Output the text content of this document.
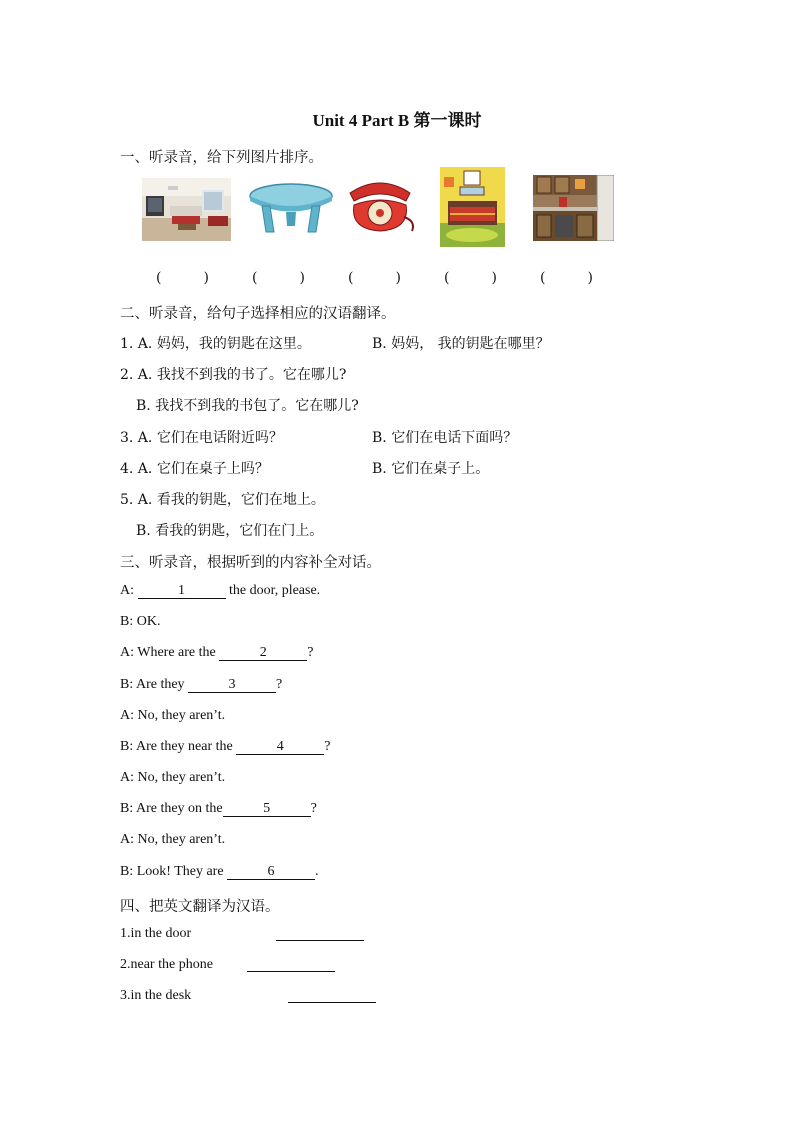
Unit 4 Part B 第一课时
一、听录音，给下列图片排序。
(	)	(	)	(	)	(	)	(	)
二、听录音，给句子选择相应的汉语翻译。
1. A. 妈妈，我的钥匙在这里。	B. 妈妈， 我的钥匙在哪里？
2. A. 我找不到我的书了。它在哪儿?
B. 我找不到我的书包了。它在哪儿?
3. A. 它们在电话附近吗？	B. 它们在电话下面吗？
4. A. 它们在桌子上吗？	B. 它们在桌子上。
5. A. 看我的钥匙，它们在地上。
B. 看我的钥匙，它们在门上。
三、听录音，根据听到的内容补全对话。
A:	1	the door, please.
B: OK.
A: Where are the	2	?
B: Are they	3	?
A: No, they aren’t.
B: Are they near the	4	?
A: No, they aren’t.
B: Are they on the	5	?
A: No, they aren’t.
B: Look! They are	6	.
四、把英文翻译为汉语。
1.in the door
2.near the phone
3.in the desk
